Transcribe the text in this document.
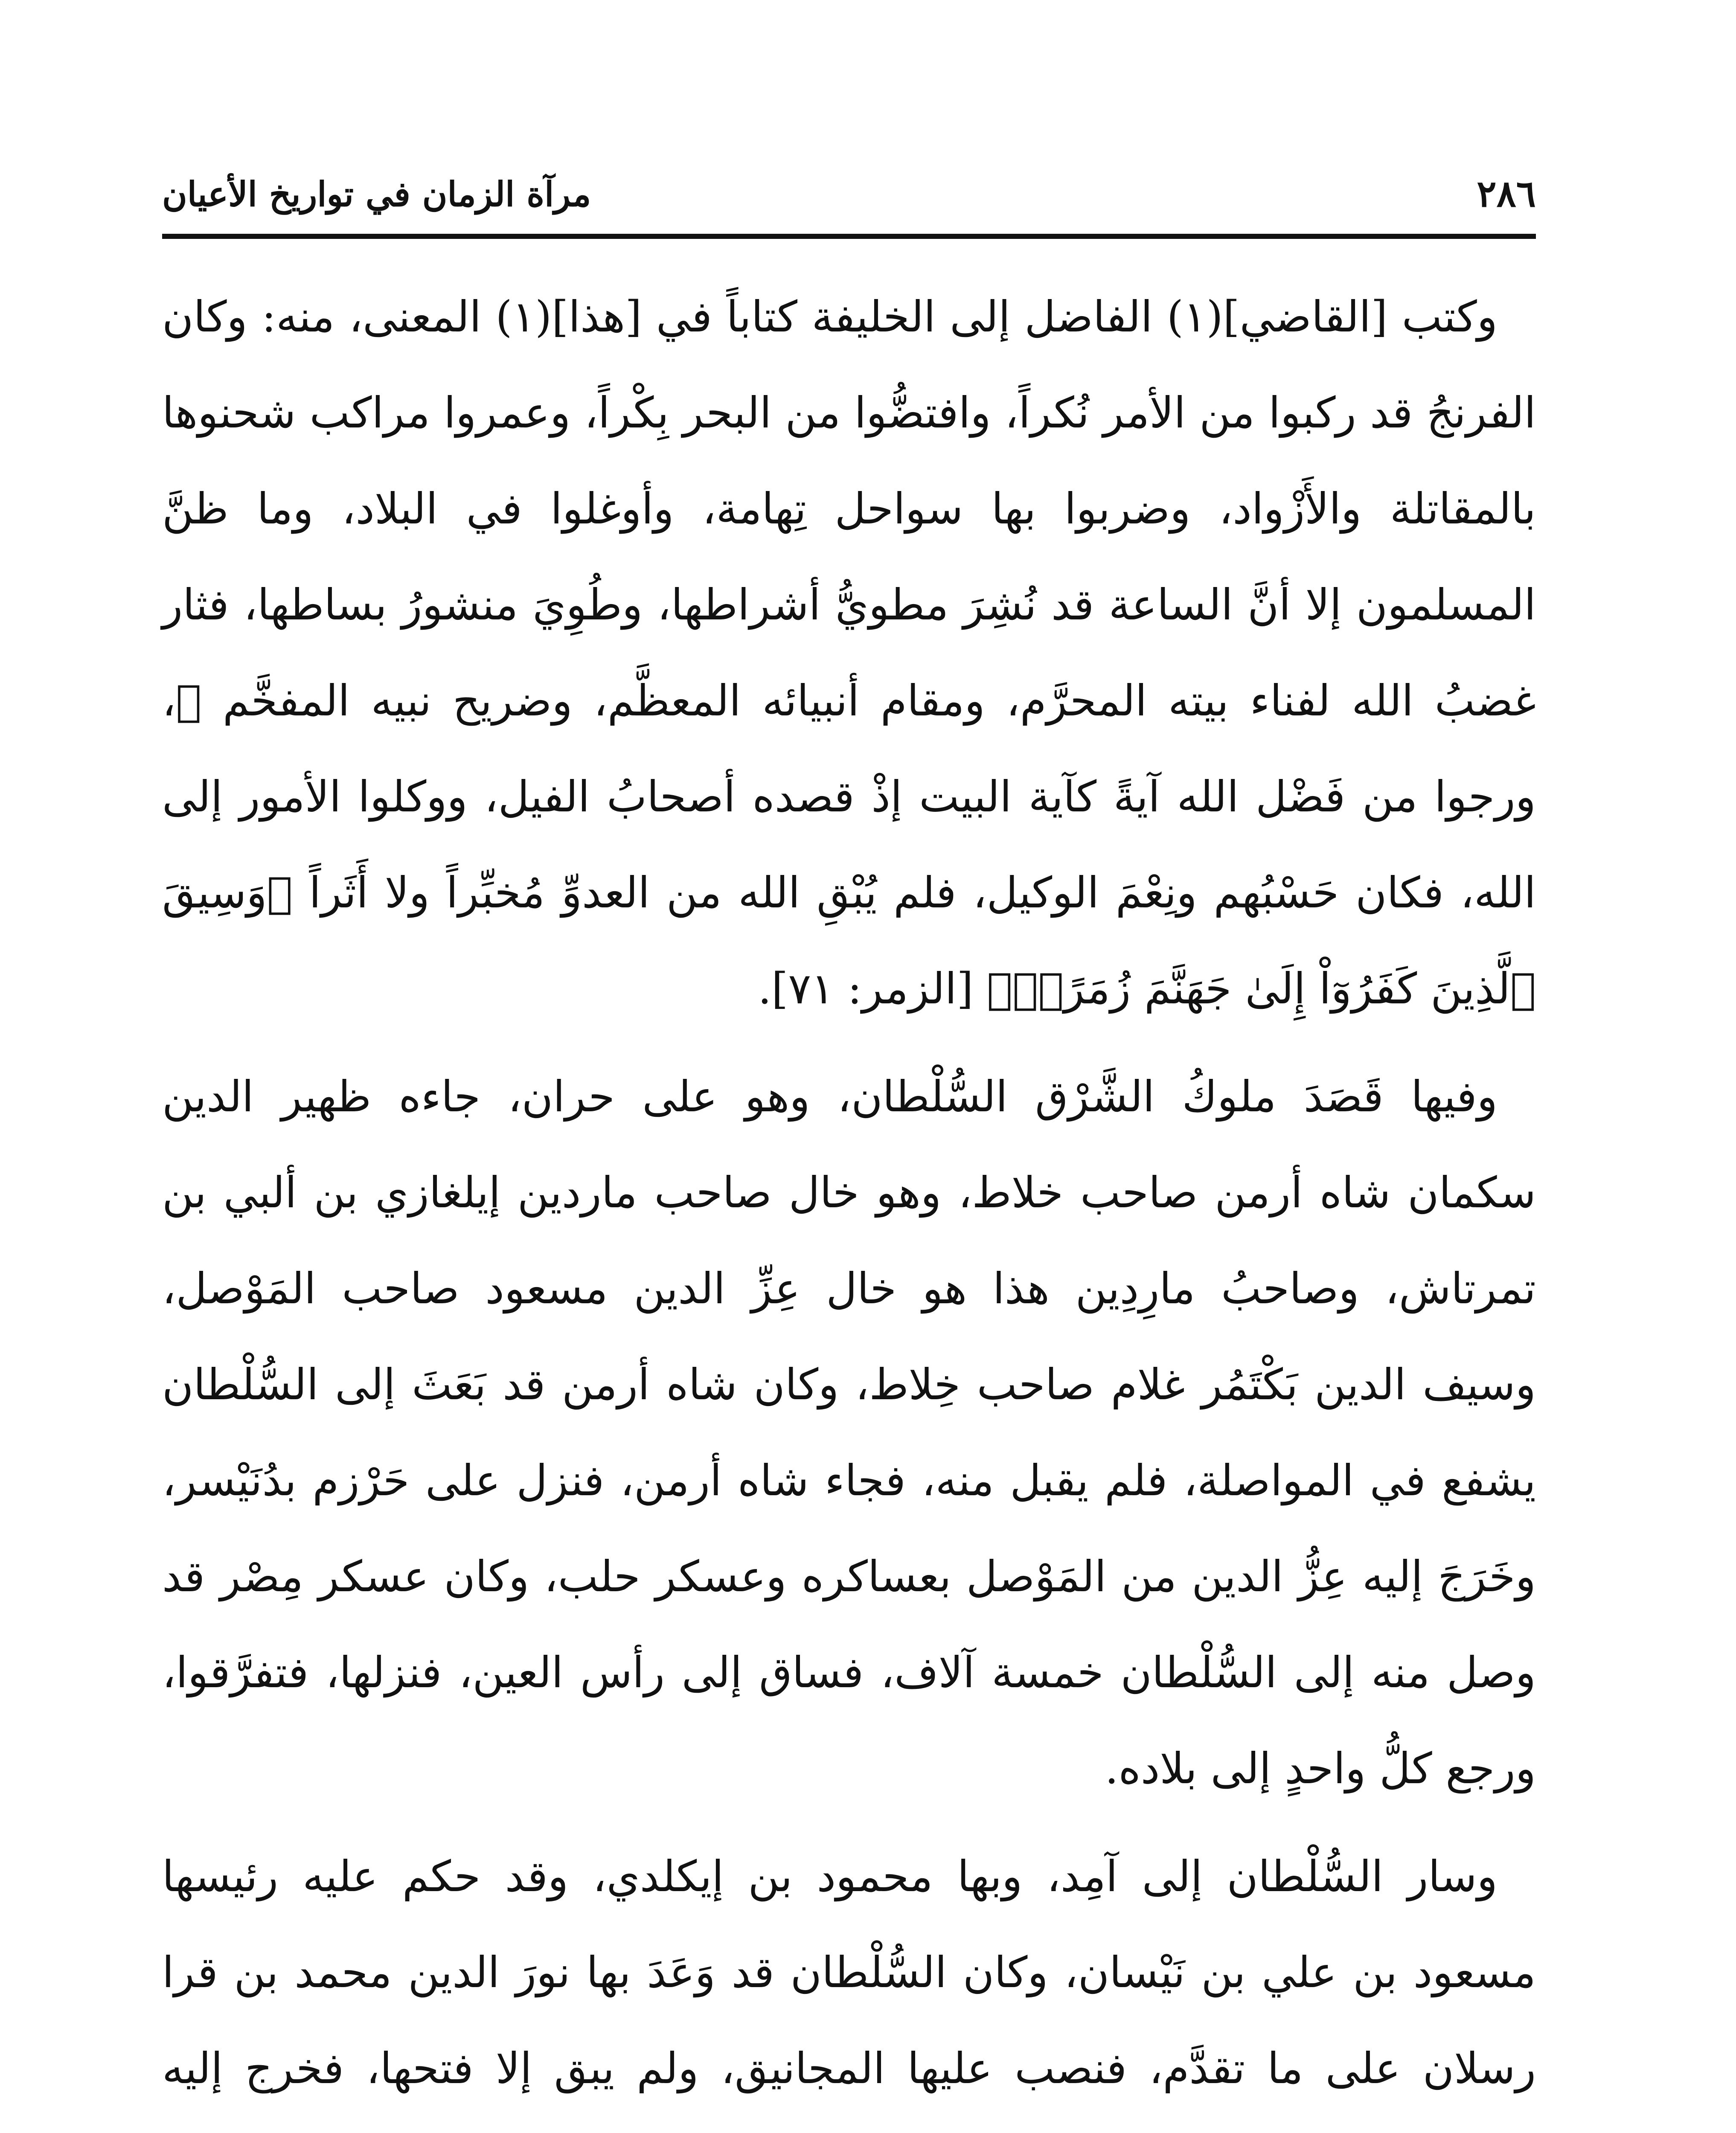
٢٨٦
مرآة الزمان في تواريخ الأعيان

وكتب [القاضي](١) الفاضل إلى الخليفة كتاباً في [هذا](١) المعنى، منه: وكان الفرنجُ قد ركبوا من الأمر نُكراً، وافتضُّوا من البحر بِكْراً، وعمروا مراكب شحنوها بالمقاتلة والأَزْواد، وضربوا بها سواحل تِهامة، وأوغلوا في البلاد، وما ظنَّ المسلمون إلا أنَّ الساعة قد نُشِرَ مطويُّ أشراطها، وطُوِيَ منشورُ بساطها، فثار غضبُ الله لفناء بيته المحرَّم، ومقام أنبيائه المعظَّم، وضريح نبيه المفخَّم ﷺ، ورجوا من فَضْل الله آيةً كآية البيت إذْ قصده أصحابُ الفيل، ووكلوا الأمور إلى الله، فكان حَسْبُهم ونِعْمَ الوكيل، فلم يُبْقِ الله من العدوِّ مُخبِّراً ولا أَثَراً ﴿وَسِيقَ ٱلَّذِينَ كَفَرُوٓاْ إِلَىٰ جَهَنَّمَ زُمَرًاۖ﴾ [الزمر: ٧١].

وفيها قَصَدَ ملوكُ الشَّرْق السُّلْطان، وهو على حران، جاءه ظهير الدين سكمان شاه أرمن صاحب خلاط، وهو خال صاحب ماردين إيلغازي بن ألبي بن تمرتاش، وصاحبُ مارِدِين هذا هو خال عِزِّ الدين مسعود صاحب المَوْصل، وسيف الدين بَكْتَمُر غلام صاحب خِلاط، وكان شاه أرمن قد بَعَثَ إلى السُّلْطان يشفع في المواصلة، فلم يقبل منه، فجاء شاه أرمن، فنزل على حَرْزم بدُنَيْسر، وخَرَجَ إليه عِزُّ الدين من المَوْصل بعساكره وعسكر حلب، وكان عسكر مِصْر قد وصل منه إلى السُّلْطان خمسة آلاف، فساق إلى رأس العين، فنزلها، فتفرَّقوا، ورجع كلُّ واحدٍ إلى بلاده.

وسار السُّلْطان إلى آمِد، وبها محمود بن إيكلدي، وقد حكم عليه رئيسها مسعود بن علي بن نَيْسان، وكان السُّلْطان قد وَعَدَ بها نورَ الدين محمد بن قرا رسلان على ما تقدَّم، فنصب عليها المجانيق، ولم يبق إلا فتحها، فخرج إليه
